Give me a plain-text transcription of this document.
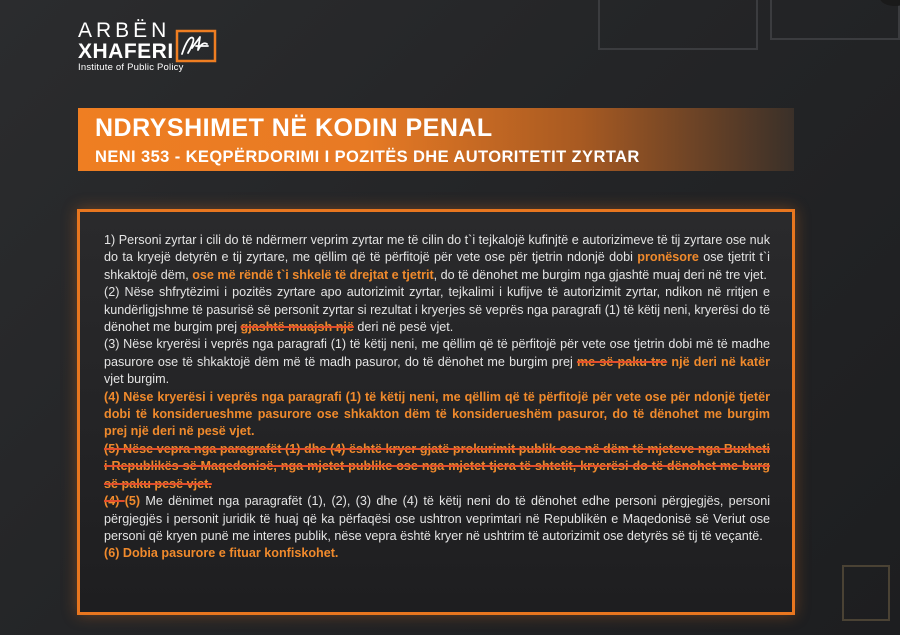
ARBËN
XHAFERI
Institute of Public Policy
NDRYSHIMET NË KODIN PENAL
NENI 353 - KEQPËRDORIMI I POZITËS DHE AUTORITETIT ZYRTAR

1) Personi zyrtar i cili do të ndërmerr veprim zyrtar me të cilin do t`i tejkalojë kufinjtë e autorizimeve të tij zyrtare ose nuk do ta kryejë detyrën e tij zyrtare, me qëllim që të përfitojë për vete ose për tjetrin ndonjë dobi pronësore ose tjetrit t`i shkaktojë dëm, ose më rëndë t`i shkelë të drejtat e tjetrit, do të dënohet me burgim nga gjashtë muaj deri në tre vjet.

(2) Nëse shfrytëzimi i pozitës zyrtare apo autorizimit zyrtar, tejkalimi i kufijve të autorizimit zyrtar, ndikon në rritjen e kundërligjshme të pasurisë së personit zyrtar si rezultat i kryerjes së veprës nga paragrafi (1) të këtij neni, kryerësi do të dënohet me burgim prej gjashtë muajsh një deri në pesë vjet.

(3) Nëse kryerësi i veprës nga paragrafi (1) të këtij neni, me qëllim që të përfitojë për vete ose tjetrin dobi më të madhe pasurore ose të shkaktojë dëm më të madh pasuror, do të dënohet me burgim prej me së paku tre një deri në katër vjet burgim.

(4) Nëse kryerësi i veprës nga paragrafi (1) të këtij neni, me qëllim që të përfitojë për vete ose për ndonjë tjetër dobi të konsiderueshme pasurore ose shkakton dëm të konsiderueshëm pasuror, do të dënohet me burgim prej një deri në pesë vjet.

(5) Nëse vepra nga paragrafët (1) dhe (4) është kryer gjatë prokurimit publik ose në dëm të mjeteve nga Buxheti i Republikës së Maqedonisë, nga mjetet publike ose nga mjetet tjera të shtetit, kryerësi do të dënohet me burg së paku pesë vjet.

(4) (5) Me dënimet nga paragrafët (1), (2), (3) dhe (4) të këtij neni do të dënohet edhe personi përgjegjës, personi përgjegjës i personit juridik të huaj që ka përfaqësi ose ushtron veprimtari në Republikën e Maqedonisë së Veriut ose personi që kryen punë me interes publik, nëse vepra është kryer në ushtrim të autorizimit ose detyrës së tij të veçantë.

(6) Dobia pasurore e fituar konfiskohet.
